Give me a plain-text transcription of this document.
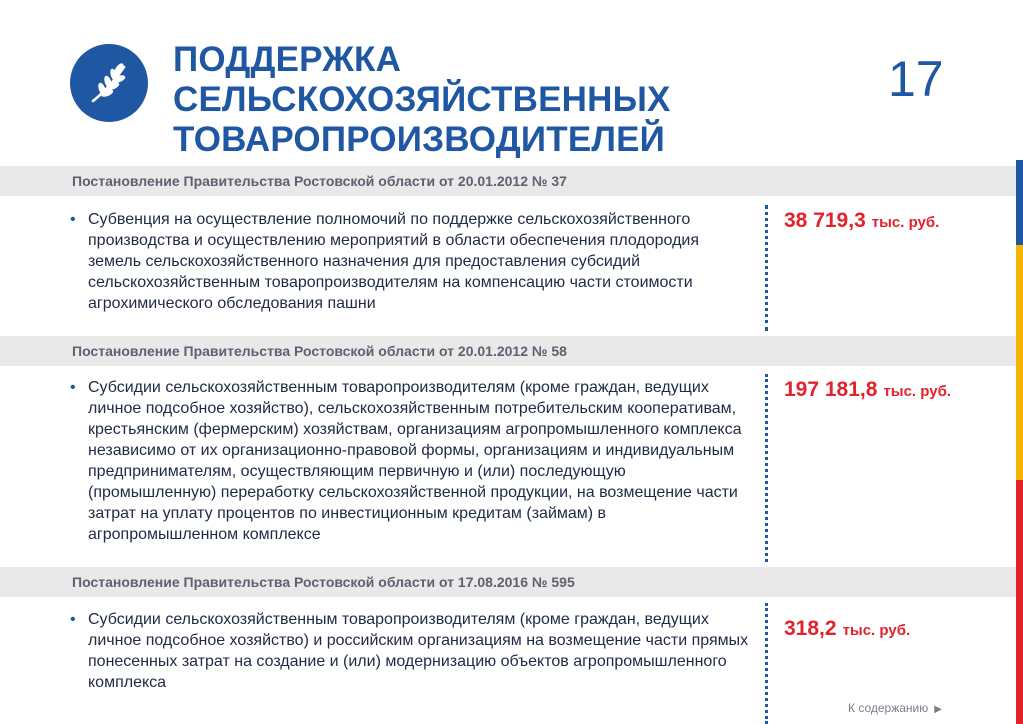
ПОДДЕРЖКА СЕЛЬСКОХОЗЯЙСТВЕННЫХ
ТОВАРОПРОИЗВОДИТЕЛЕЙ
17
Постановление Правительства Ростовской области от 20.01.2012 № 37
• Субвенция на осуществление полномочий по поддержке сельскохозяйственного производства и осуществлению мероприятий в области обеспечения плодородия земель сельскохозяйственного назначения для предоставления субсидий сельскохозяйственным товаропроизводителям на компенсацию части стоимости агрохимического обследования пашни
38 719,3 тыс. руб.
Постановление Правительства Ростовской области от 20.01.2012 № 58
• Субсидии сельскохозяйственным товаропроизводителям (кроме граждан, ведущих личное подсобное хозяйство), сельскохозяйственным потребительским кооперативам, крестьянским (фермерским) хозяйствам, организациям агропромышленного комплекса независимо от их организационно-правовой формы, организациям и индивидуальным предпринимателям, осуществляющим первичную и (или) последующую (промышленную) переработку сельскохозяйственной продукции, на возмещение части затрат на уплату процентов по инвестиционным кредитам (займам) в агропромышленном комплексе
197 181,8 тыс. руб.
Постановление Правительства Ростовской области от 17.08.2016 № 595
• Субсидии сельскохозяйственным товаропроизводителям (кроме граждан, ведущих личное подсобное хозяйство) и российским организациям на возмещение части прямых понесенных затрат на создание и (или) модернизацию объектов агропромышленного комплекса
318,2 тыс. руб.
К содержанию ▶
